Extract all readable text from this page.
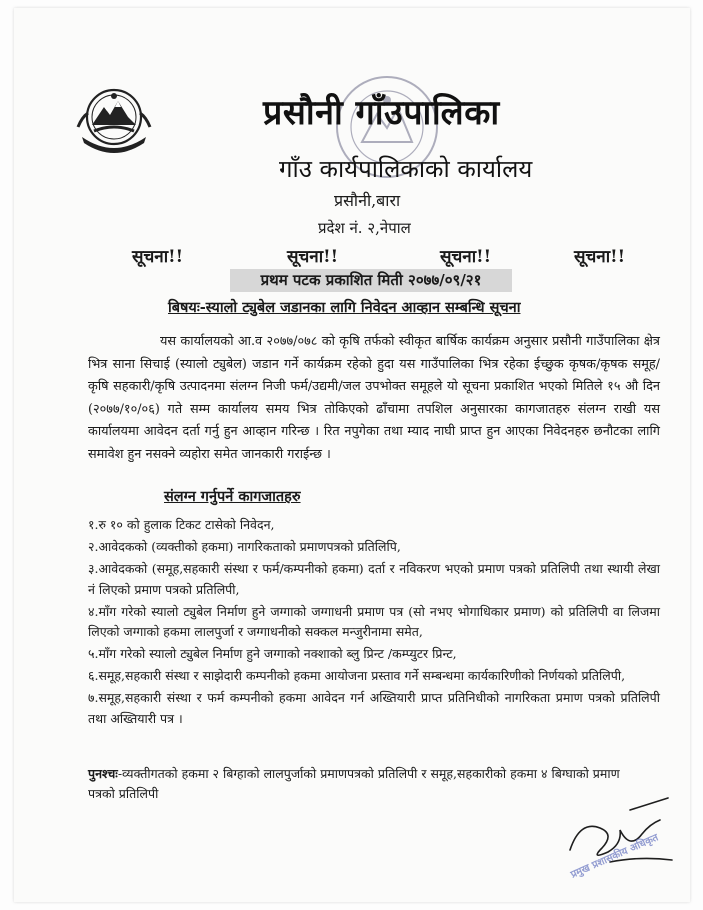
प्रसौनी गाँउपालिका
गाँउ कार्यपालिकाको कार्यालय
प्रसौनी,बारा
प्रदेश नं. २,नेपाल
सूचना!!	सूचना!!	सूचना!!	सूचना!!
प्रथम पटक प्रकाशित मिती २०७७/०९/२१
बिषयः-स्यालो ट्युबेल जडानका लागि निवेदन आव्हान सम्बन्धि सूचना

यस कार्यालयको आ.व २०७७/०७८ को कृषि तर्फको स्वीकृत बार्षिक कार्यक्रम अनुसार प्रसौनी गाउँपालिका क्षेत्र भित्र साना सिचाई (स्यालो ट्युबेल) जडान गर्ने कार्यक्रम रहेको हुदा यस गाउँपालिका भित्र रहेका ईच्छुक कृषक/कृषक समूह/कृषि सहकारी/कृषि उत्पादनमा संलग्न निजी फर्म/उद्यमी/जल उपभोक्त समूहले यो सूचना प्रकाशित भएको मितिले १५ औ दिन (२०७७/१०/०६) गते सम्म कार्यालय समय भित्र तोकिएको ढाँचामा तपशिल अनुसारका कागजातहरु संलग्न राखी यस कार्यालयमा आवेदन दर्ता गर्नु हुन आव्हान गरिन्छ । रित नपुगेका तथा म्याद नाघी प्राप्त हुन आएका निवेदनहरु छनौटका लागि समावेश हुन नसक्ने व्यहोरा समेत जानकारी गराईन्छ ।

संलग्न गर्नुपर्ने कागजातहरु
१.रु १० को हुलाक टिकट टासेको निवेदन,
२.आवेदकको (व्यक्तीको हकमा) नागरिकताको प्रमाणपत्रको प्रतिलिपि,
३.आवेदकको (समूह,सहकारी संस्था र फर्म/कम्पनीको हकमा) दर्ता र नविकरण भएको प्रमाण पत्रको प्रतिलिपी तथा स्थायी लेखा नं लिएको प्रमाण पत्रको प्रतिलिपी,
४.माँग गरेको स्यालो ट्युबेल निर्माण हुने जग्गाको जग्गाधनी प्रमाण पत्र (सो नभए भोगाधिकार प्रमाण) को प्रतिलिपी वा लिजमा लिएको जग्गाको हकमा लालपुर्जा र जग्गाधनीको सक्कल मन्जुरीनामा समेत,
५.माँग गरेको स्यालो ट्युबेल निर्माण हुने जग्गाको नक्शाको ब्लु प्रिन्ट /कम्प्युटर प्रिन्ट,
६.समूह,सहकारी संस्था र साझेदारी कम्पनीको हकमा आयोजना प्रस्ताव गर्ने सम्बन्धमा कार्यकारिणीको निर्णयको प्रतिलिपी,
७.समूह,सहकारी संस्था र फर्म कम्पनीको हकमा आवेदन गर्न अख्तियारी प्राप्त प्रतिनिधीको नागरिकता प्रमाण पत्रको प्रतिलिपी तथा अख्तियारी पत्र ।
पुनश्चः-व्यक्तीगतको हकमा २ बिग्हाको लालपुर्जाको प्रमाणपत्रको प्रतिलिपी र समूह,सहकारीको हकमा ४ बिग्घाको प्रमाण पत्रको प्रतिलिपी
प्रमुख प्रशासकीय अधिकृत
